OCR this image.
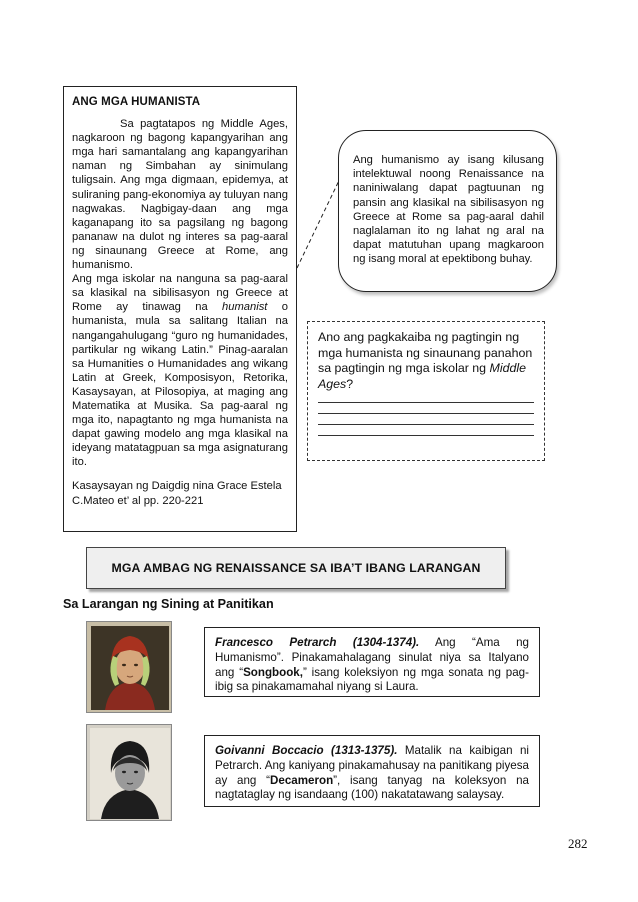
ANG MGA HUMANISTA

Sa pagtatapos ng Middle Ages, nagkaroon ng bagong kapangyarihan ang mga hari samantalang ang kapangyarihan naman ng Simbahan ay sinimulang tuligsain. Ang mga digmaan, epidemya, at suliraning pang-ekonomiya ay tuluyan nang nagwakas. Nagbigay-daan ang mga kaganapang ito sa pagsilang ng bagong pananaw na dulot ng interes sa pag-aaral ng sinaunang Greece at Rome, ang humanismo.

Ang mga iskolar na nanguna sa pag-aaral sa klasikal na sibilisasyon ng Greece at Rome ay tinawag na humanist o humanista, mula sa salitang Italian na nangangahulugang “guro ng humanidades, partikular ng wikang Latin.” Pinag-aaralan sa Humanities o Humanidades ang wikang Latin at Greek, Komposisyon, Retorika, Kasaysayan, at Pilosopiya, at maging ang Matematika at Musika. Sa pag-aaral ng mga ito, napagtanto ng mga humanista na dapat gawing modelo ang mga klasikal na ideyang matatagpuan sa mga asignaturang ito.

Kasaysayan ng Daigdig nina Grace Estela C.Mateo et’ al pp. 220-221

Ang humanismo ay isang kilusang intelektuwal noong Renaissance na naniniwalang dapat pagtuunan ng pansin ang klasikal na sibilisasyon ng Greece at Rome sa pag-aaral dahil naglalaman ito ng lahat ng aral na dapat matutuhan upang magkaroon ng isang moral at epektibong buhay.
Ano ang pagkakaiba ng pagtingin ng mga humanista ng sinaunang panahon sa pagtingin ng mga iskolar ng Middle Ages?
MGA AMBAG NG RENAISSANCE SA IBA’T IBANG LARANGAN
Sa Larangan ng Sining at Panitikan
Francesco Petrarch (1304-1374). Ang “Ama ng Humanismo”. Pinakamahalagang sinulat niya sa Italyano ang “Songbook,” isang koleksiyon ng mga sonata ng pag-ibig sa pinakamamahal niyang si Laura.
Goivanni Boccacio (1313-1375). Matalik na kaibigan ni Petrarch. Ang kaniyang pinakamahusay na panitikang piyesa ay ang “Decameron”, isang tanyag na koleksyon na nagtataglay ng isandaang (100) nakatatawang salaysay.
282
